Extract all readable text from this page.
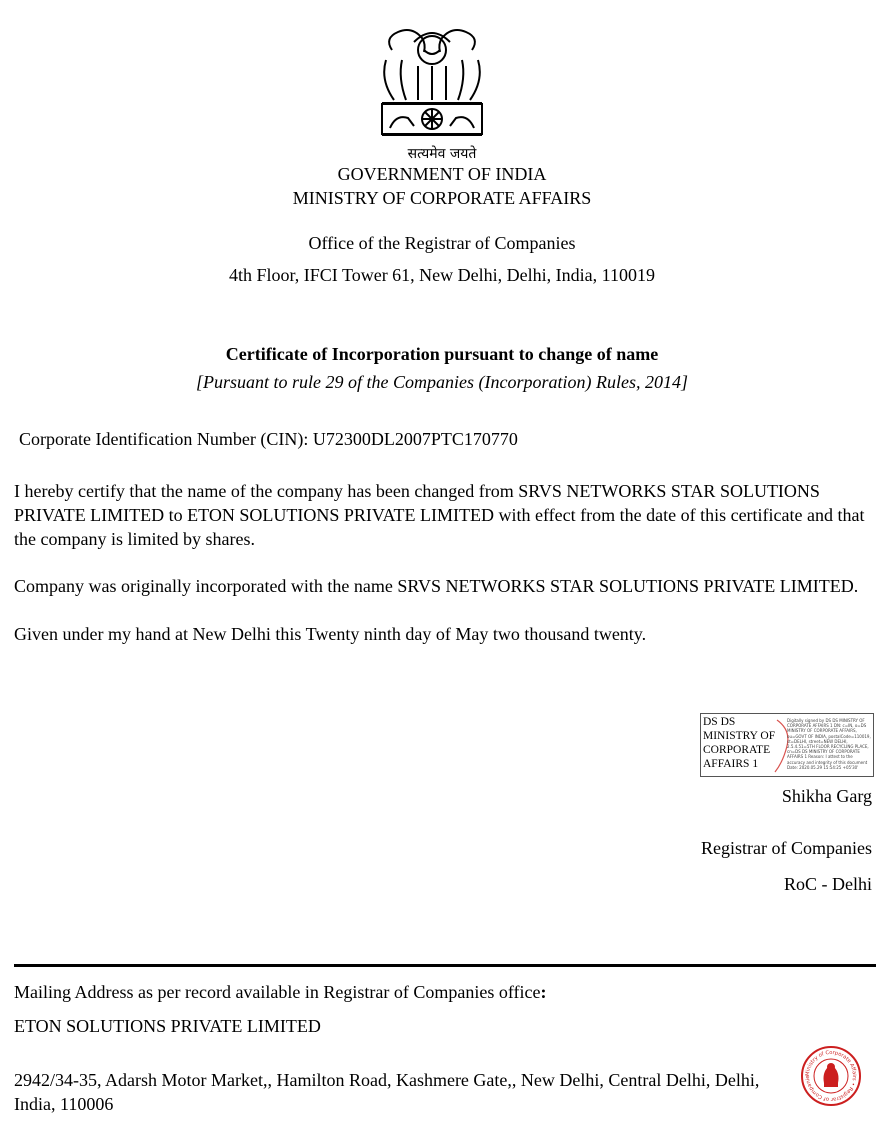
सत्यमेव जयते
GOVERNMENT OF INDIA
MINISTRY OF CORPORATE AFFAIRS
Office of the Registrar of Companies
4th Floor, IFCI Tower 61, New Delhi, Delhi, India, 110019
Certificate of Incorporation pursuant to change of name
[Pursuant to rule 29 of the Companies (Incorporation) Rules, 2014]
Corporate Identification Number (CIN): U72300DL2007PTC170770
I hereby certify that the name of the company has been changed from SRVS NETWORKS STAR SOLUTIONS PRIVATE LIMITED to ETON SOLUTIONS PRIVATE LIMITED with effect from the date of this certificate and that the company is limited by shares.
Company was originally incorporated with the name SRVS NETWORKS STAR SOLUTIONS PRIVATE LIMITED.
Given under my hand at New Delhi this Twenty ninth day of May two thousand twenty.
DS DS MINISTRY OF CORPORATE AFFAIRS 1
Digitally signed by DS DS MINISTRY OF CORPORATE AFFAIRS 1 DN: c=IN, o=DS MINISTRY OF CORPORATE AFFAIRS, ou=GOVT OF INDIA, postalCode=110019, st=DELHI, street=NEW DELHI, 2.5.4.51=5TH FLOOR RECYCLING PLACE, cn=DS DS MINISTRY OF CORPORATE AFFAIRS 1 Reason: I attest to the accuracy and integrity of this document Date: 2020.05.29 15:54:25 +05'30'
Shikha Garg
Registrar of Companies
RoC - Delhi
Mailing Address as per record available in Registrar of Companies office:
ETON SOLUTIONS PRIVATE LIMITED
2942/34-35, Adarsh Motor Market,, Hamilton Road, Kashmere Gate,, New Delhi, Central Delhi, Delhi, India, 110006
Ministry of Corporate Affairs • Registrar of Companie
